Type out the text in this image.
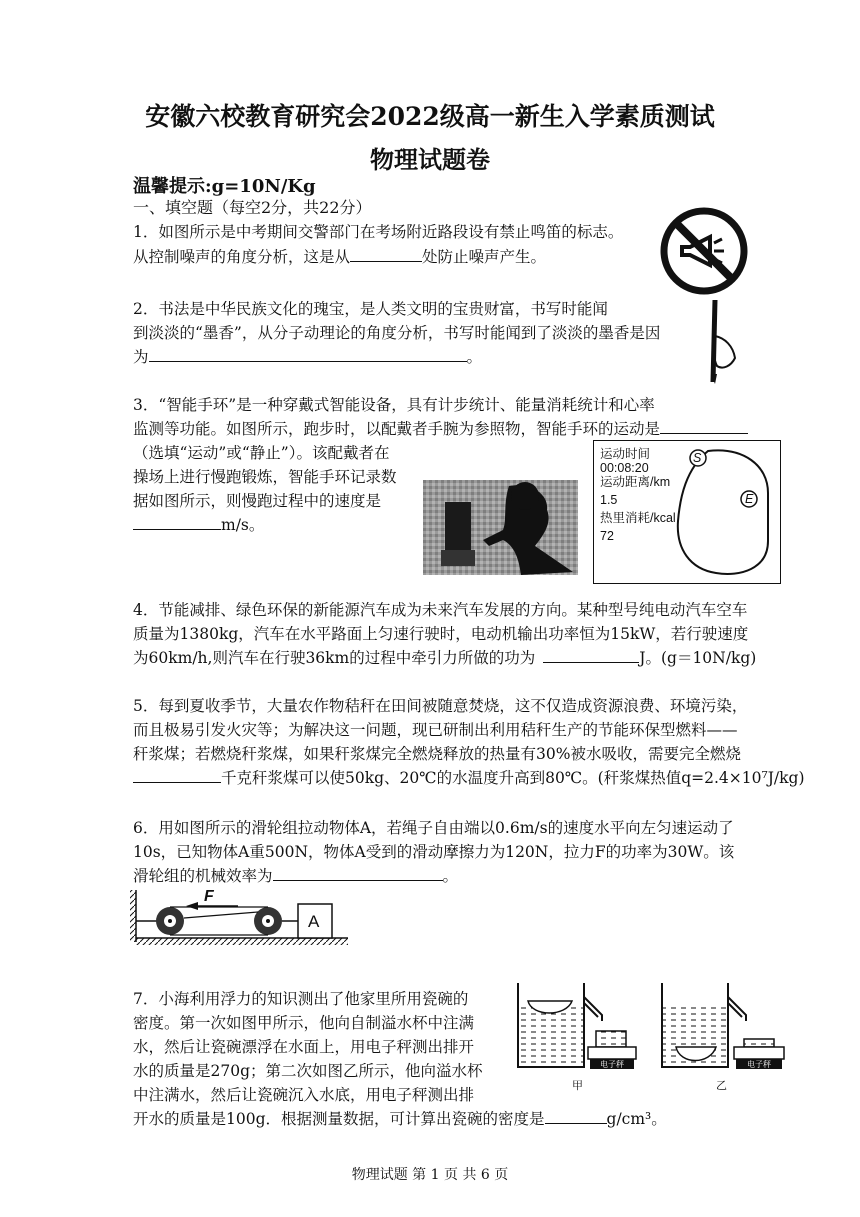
安徽六校教育研究会2022级高一新生入学素质测试
物理试题卷
温馨提示:g=10N/Kg
一、填空题（每空2分，共22分）
1．如图所示是中考期间交警部门在考场附近路段设有禁止鸣笛的标志。
从控制噪声的角度分析，这是从	处防止噪声产生。
2．书法是中华民族文化的瑰宝，是人类文明的宝贵财富，书写时能闻
到淡淡的“墨香”，从分子动理论的角度分析，书写时能闻到了淡淡的墨香是因
为	。
3．“智能手环”是一种穿戴式智能设备，具有计步统计、能量消耗统计和心率
监测等功能。如图所示，跑步时，以配戴者手腕为参照物，智能手环的运动是
（选填“运动”或“静止”）。该配戴者在
操场上进行慢跑锻炼，智能手环记录数
据如图所示，则慢跑过程中的速度是
m/s。
运动时间
00:08:20
运动距离/km
1.5
热里消耗/kcal
72
S
E
4．节能减排、绿色环保的新能源汽车成为未来汽车发展的方向。某种型号纯电动汽车空车
质量为1380kg，汽车在水平路面上匀速行驶时，电动机输出功率恒为15kW，若行驶速度
为60km/h,则汽车在行驶36km的过程中牵引力所做的功为	J。(g＝10N/kg)
5．每到夏收季节，大量农作物秸秆在田间被随意焚烧，这不仅造成资源浪费、环境污染，
而且极易引发火灾等；为解决这一问题，现已研制出利用秸秆生产的节能环保型燃料——
秆浆煤；若燃烧秆浆煤，如果秆浆煤完全燃烧释放的热量有30%被水吸收，需要完全燃烧
千克秆浆煤可以使50kg、20℃的水温度升高到80℃。(秆浆煤热值q=2.4×10⁷J/kg)
6．用如图所示的滑轮组拉动物体A，若绳子自由端以0.6m/s的速度水平向左匀速运动了
10s，已知物体A重500N，物体A受到的滑动摩擦力为120N，拉力F的功率为30W。该
滑轮组的机械效率为	。
F
A
7．小海利用浮力的知识测出了他家里所用瓷碗的
密度。第一次如图甲所示，他向自制溢水杯中注满
水，然后让瓷碗漂浮在水面上，用电子秤测出排开
水的质量是270g；第二次如图乙所示，他向溢水杯
中注满水，然后让瓷碗沉入水底，用电子秤测出排
开水的质量是100g．根据测量数据，可计算出瓷碗的密度是	g/cm³。
电子秤	电子秤
甲	乙
物理试题 第 1 页 共 6 页
